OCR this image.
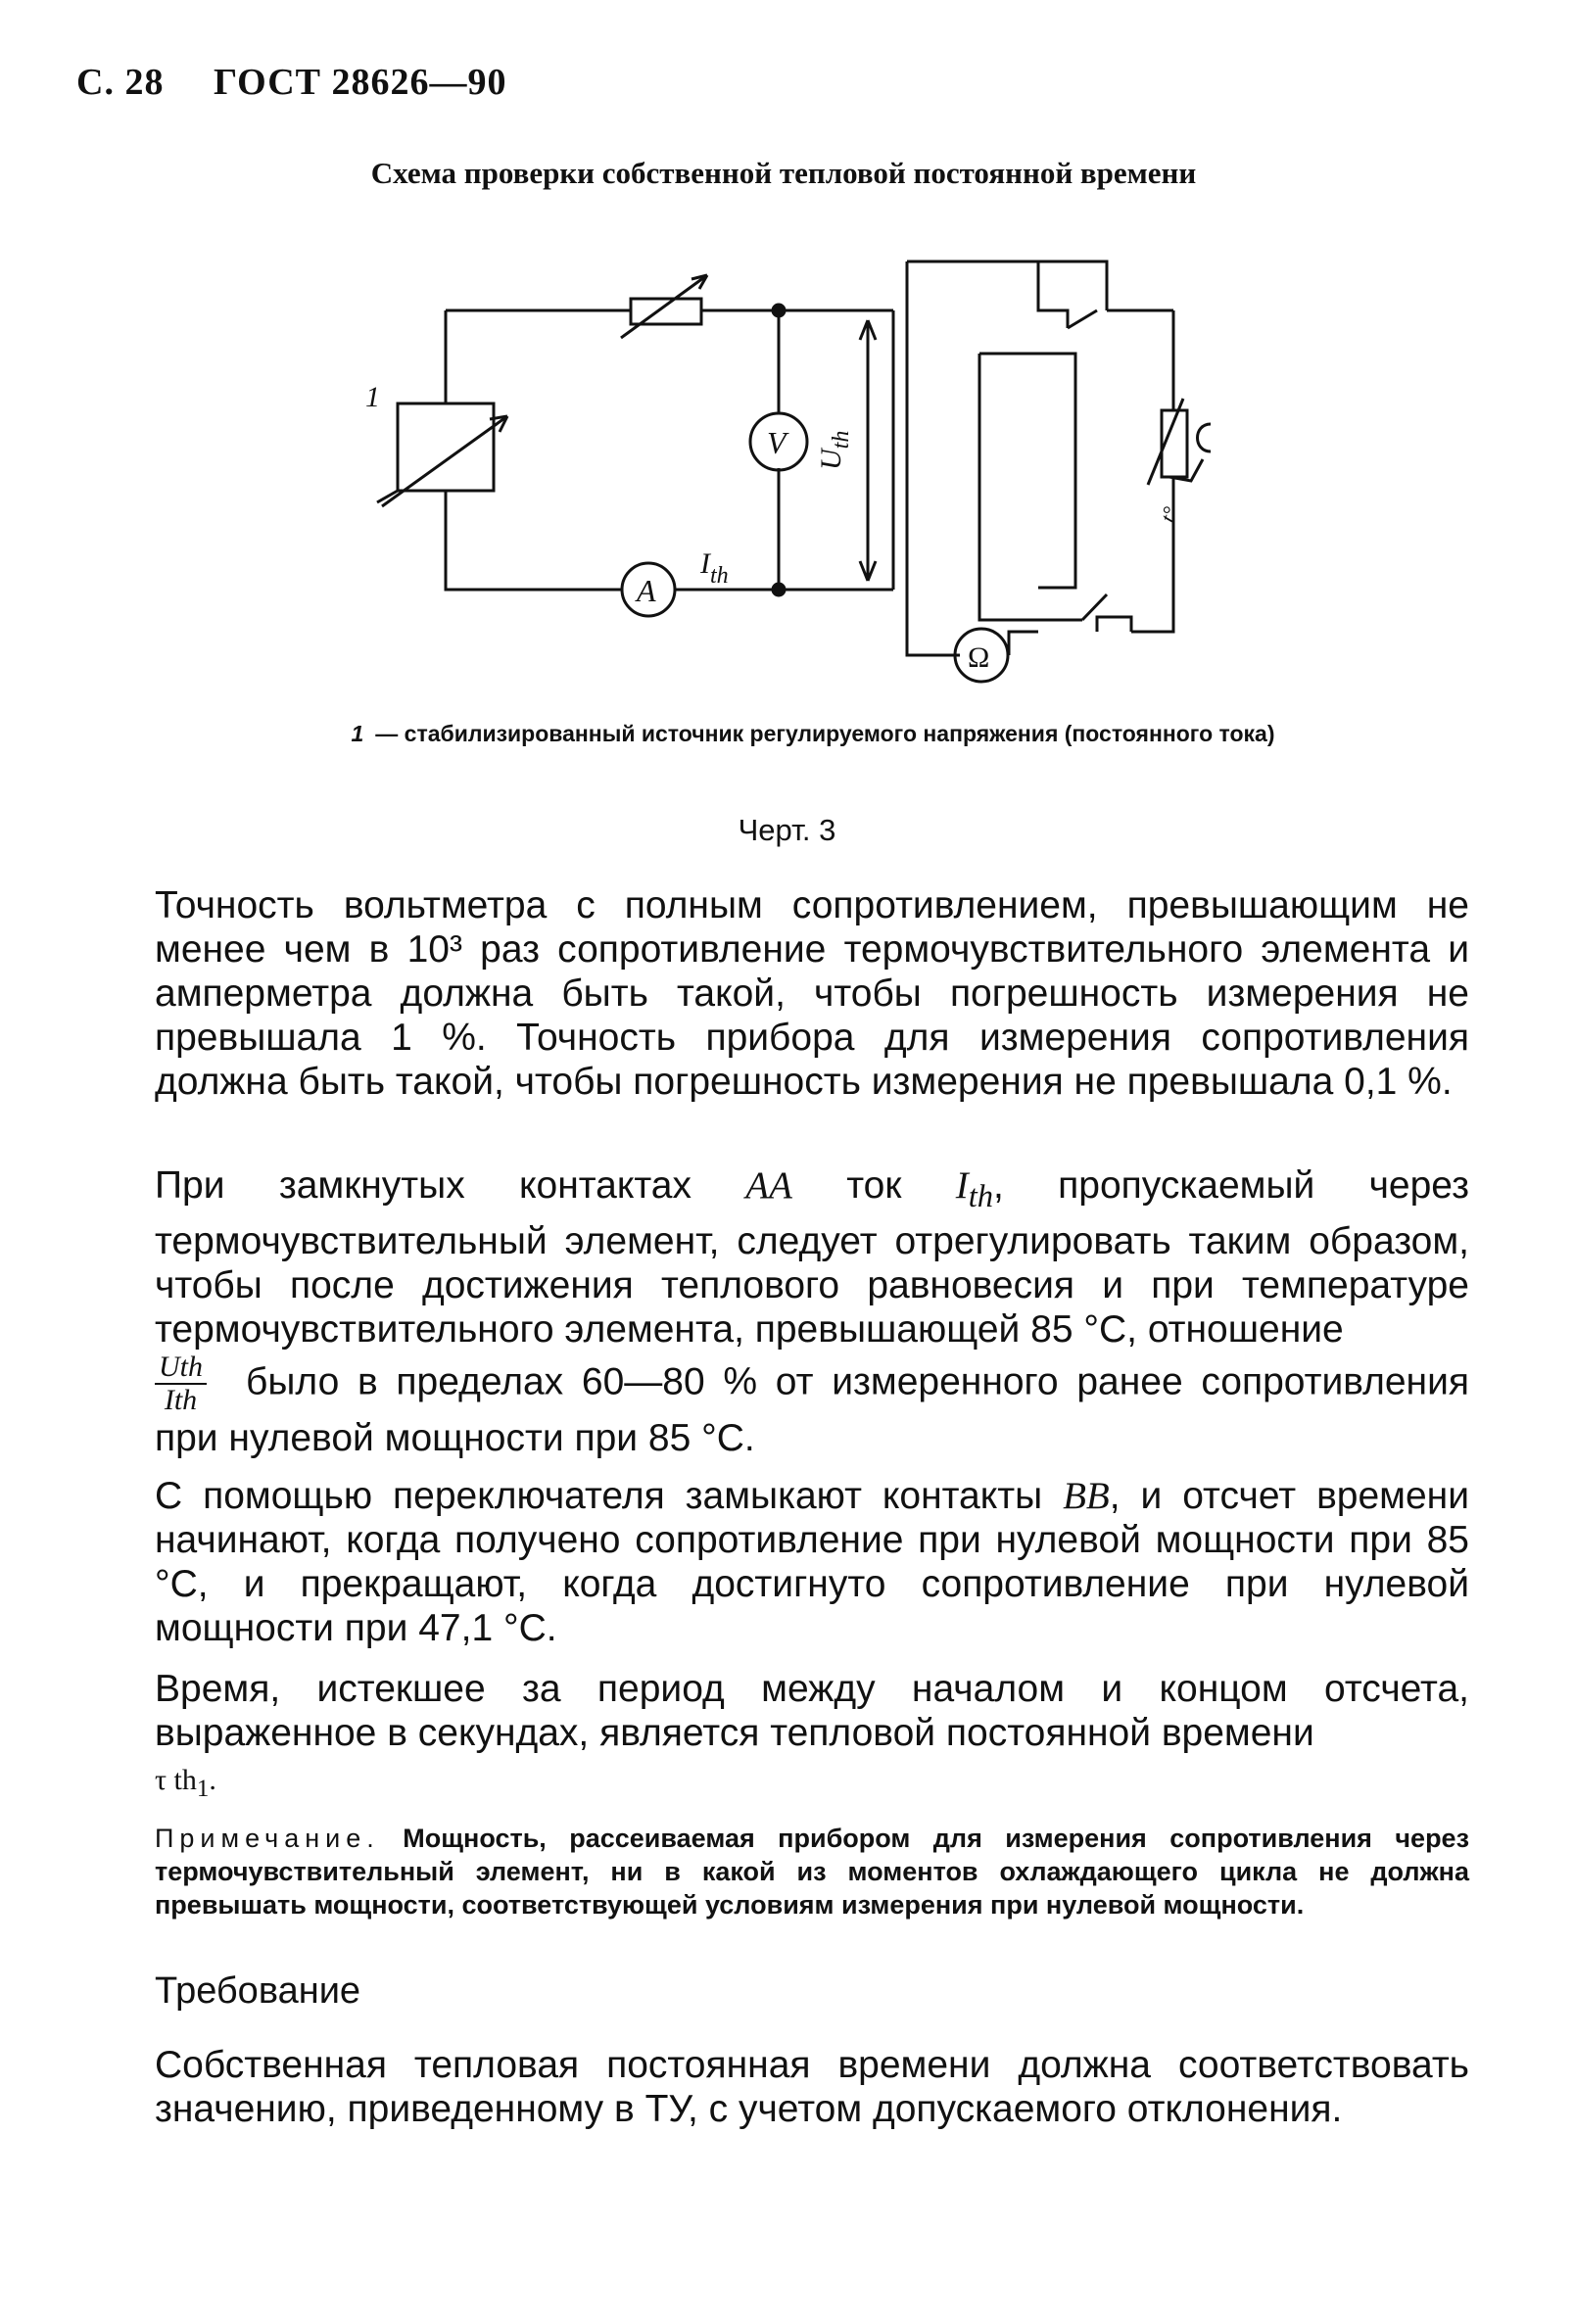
С. 28 ГОСТ 28626—90
Схема проверки собственной тепловой постоянной времени
1
V
A
$I_{th}$
$U_{th}$
t°
Ω
1 — стабилизированный источник регулируемого напряжения (постоянного тока)
Черт. 3
Точность вольтметра с полным сопротивлением, превышающим не менее чем в 10³ раз сопротивление термочувствительного элемента и амперметра должна быть такой, чтобы погрешность измерения не превышала 1 %. Точность прибора для измерения сопротивления должна быть такой, чтобы погрешность измерения не превышала 0,1 %.
При замкнутых контактах АА ток $I_{th}$, пропускаемый через термочувствительный элемент, следует отрегулировать таким образом, чтобы после достижения теплового равновесия и при температуре термочувствительного элемента, превышающей 85 °С, отношение

$\frac{\text{Uth}}{\text{Ith}}$ было в пределах 60—80 % от измеренного ранее сопротивления при нулевой мощности при 85 °С.
С помощью переключателя замыкают контакты ВВ, и отсчет времени начинают, когда получено сопротивление при нулевой мощности при 85 °С, и прекращают, когда достигнуто сопротивление при нулевой мощности при 47,1 °С.
Время, истекшее за период между началом и концом отсчета, выраженное в секундах, является тепловой постоянной времени
τ $th_1$.
Примечание. Мощность, рассеиваемая прибором для измерения сопротивления через термочувствительный элемент, ни в какой из моментов охлаждающего цикла не должна превышать мощности, соответствующей условиям измерения при нулевой мощности.
Требование
Собственная тепловая постоянная времени должна соответствовать значению, приведенному в ТУ, с учетом допускаемого отклонения.
